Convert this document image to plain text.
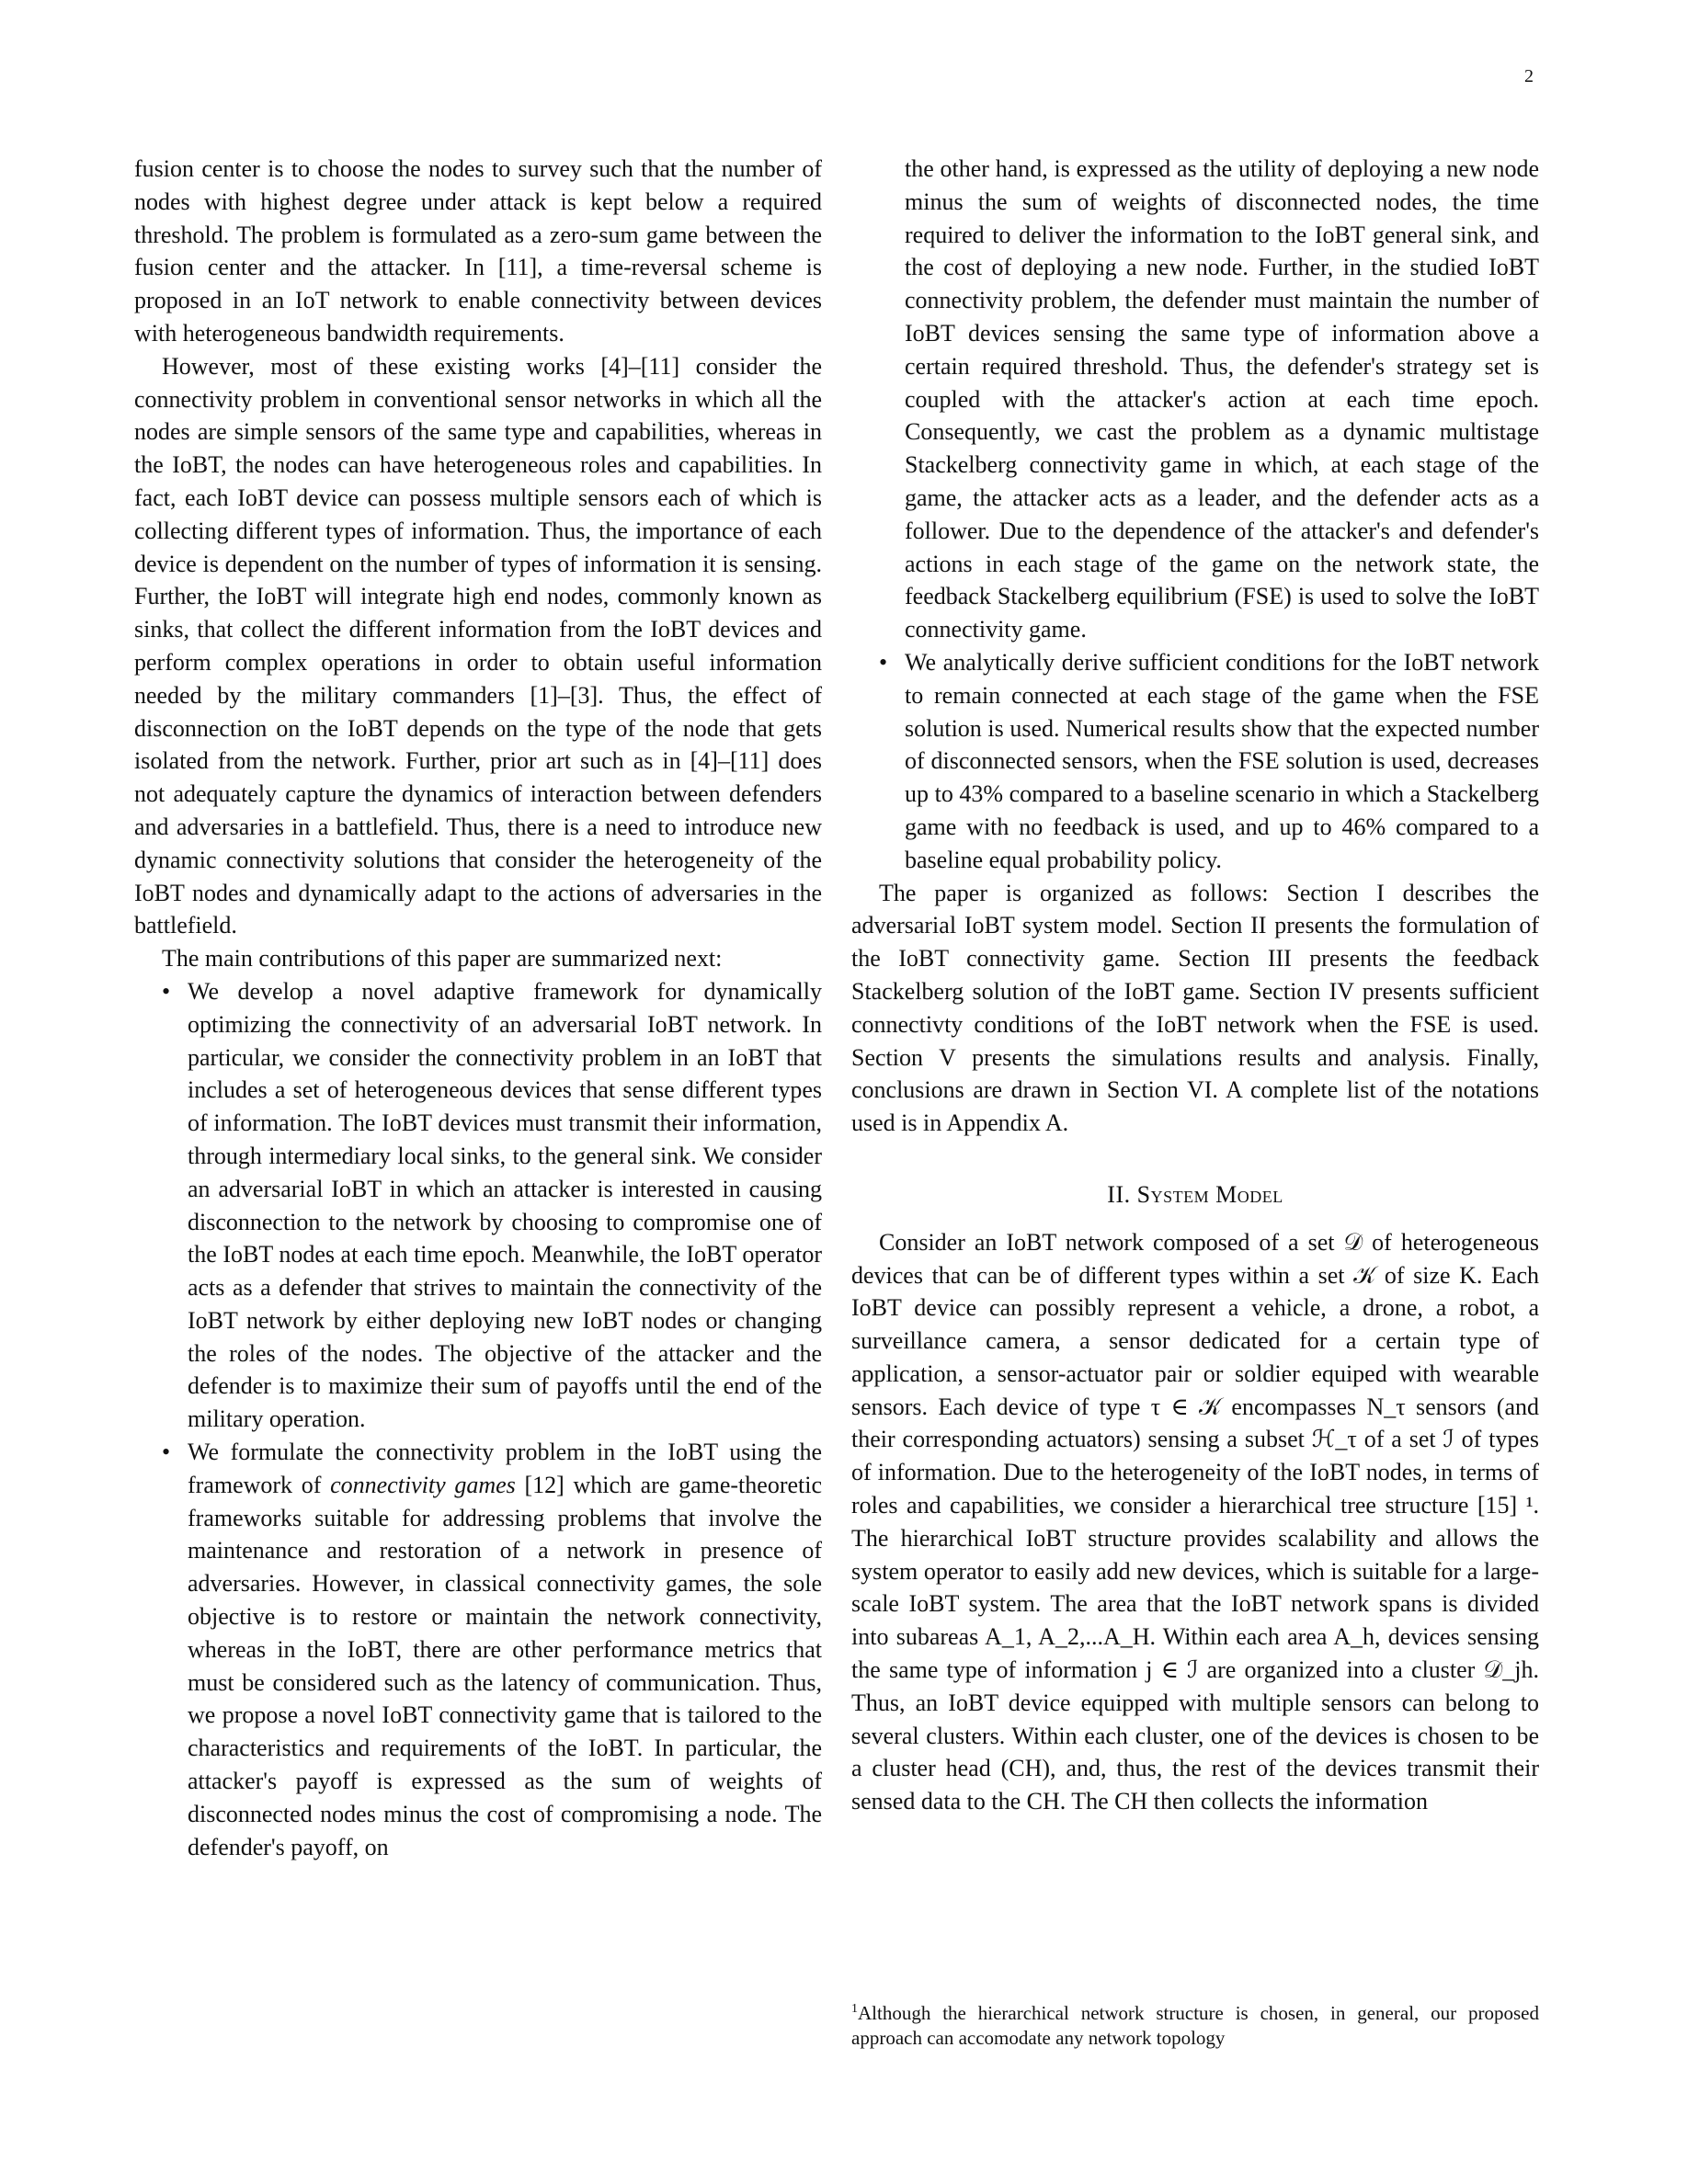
2

fusion center is to choose the nodes to survey such that the number of nodes with highest degree under attack is kept below a required threshold. The problem is formulated as a zero-sum game between the fusion center and the attacker. In [11], a time-reversal scheme is proposed in an IoT network to enable connectivity between devices with heterogeneous bandwidth requirements.

However, most of these existing works [4]–[11] consider the connectivity problem in conventional sensor networks in which all the nodes are simple sensors of the same type and capabilities, whereas in the IoBT, the nodes can have heterogeneous roles and capabilities. In fact, each IoBT device can possess multiple sensors each of which is collecting different types of information. Thus, the importance of each device is dependent on the number of types of information it is sensing. Further, the IoBT will integrate high end nodes, commonly known as sinks, that collect the different information from the IoBT devices and perform complex operations in order to obtain useful information needed by the military commanders [1]–[3]. Thus, the effect of disconnection on the IoBT depends on the type of the node that gets isolated from the network. Further, prior art such as in [4]–[11] does not adequately capture the dynamics of interaction between defenders and adversaries in a battlefield. Thus, there is a need to introduce new dynamic connectivity solutions that consider the heterogeneity of the IoBT nodes and dynamically adapt to the actions of adversaries in the battlefield.

The main contributions of this paper are summarized next:

• We develop a novel adaptive framework for dynamically optimizing the connectivity of an adversarial IoBT network. In particular, we consider the connectivity problem in an IoBT that includes a set of heterogeneous devices that sense different types of information. The IoBT devices must transmit their information, through intermediary local sinks, to the general sink. We consider an adversarial IoBT in which an attacker is interested in causing disconnection to the network by choosing to compromise one of the IoBT nodes at each time epoch. Meanwhile, the IoBT operator acts as a defender that strives to maintain the connectivity of the IoBT network by either deploying new IoBT nodes or changing the roles of the nodes. The objective of the attacker and the defender is to maximize their sum of payoffs until the end of the military operation.
• We formulate the connectivity problem in the IoBT using the framework of connectivity games [12] which are game-theoretic frameworks suitable for addressing problems that involve the maintenance and restoration of a network in presence of adversaries. However, in classical connectivity games, the sole objective is to restore or maintain the network connectivity, whereas in the IoBT, there are other performance metrics that must be considered such as the latency of communication. Thus, we propose a novel IoBT connectivity game that is tailored to the characteristics and requirements of the IoBT. In particular, the attacker's payoff is expressed as the sum of weights of disconnected nodes minus the cost of compromising a node. The defender's payoff, on
the other hand, is expressed as the utility of deploying a new node minus the sum of weights of disconnected nodes, the time required to deliver the information to the IoBT general sink, and the cost of deploying a new node. Further, in the studied IoBT connectivity problem, the defender must maintain the number of IoBT devices sensing the same type of information above a certain required threshold. Thus, the defender's strategy set is coupled with the attacker's action at each time epoch. Consequently, we cast the problem as a dynamic multistage Stackelberg connectivity game in which, at each stage of the game, the attacker acts as a leader, and the defender acts as a follower. Due to the dependence of the attacker's and defender's actions in each stage of the game on the network state, the feedback Stackelberg equilibrium (FSE) is used to solve the IoBT connectivity game.
• We analytically derive sufficient conditions for the IoBT network to remain connected at each stage of the game when the FSE solution is used. Numerical results show that the expected number of disconnected sensors, when the FSE solution is used, decreases up to 43% compared to a baseline scenario in which a Stackelberg game with no feedback is used, and up to 46% compared to a baseline equal probability policy.

The paper is organized as follows: Section I describes the adversarial IoBT system model. Section II presents the formulation of the IoBT connectivity game. Section III presents the feedback Stackelberg solution of the IoBT game. Section IV presents sufficient connectivty conditions of the IoBT network when the FSE is used. Section V presents the simulations results and analysis. Finally, conclusions are drawn in Section VI. A complete list of the notations used is in Appendix A.

II. System Model

Consider an IoBT network composed of a set 𝒟 of heterogeneous devices that can be of different types within a set 𝒦 of size K. Each IoBT device can possibly represent a vehicle, a drone, a robot, a surveillance camera, a sensor dedicated for a certain type of application, a sensor-actuator pair or soldier equiped with wearable sensors. Each device of type τ ∈ 𝒦 encompasses N_τ sensors (and their corresponding actuators) sensing a subset ℋ_τ of a set ℐ of types of information. Due to the heterogeneity of the IoBT nodes, in terms of roles and capabilities, we consider a hierarchical tree structure [15] ¹. The hierarchical IoBT structure provides scalability and allows the system operator to easily add new devices, which is suitable for a large-scale IoBT system. The area that the IoBT network spans is divided into subareas A_1, A_2,...A_H. Within each area A_h, devices sensing the same type of information j ∈ ℐ are organized into a cluster 𝒟_jh. Thus, an IoBT device equipped with multiple sensors can belong to several clusters. Within each cluster, one of the devices is chosen to be a cluster head (CH), and, thus, the rest of the devices transmit their sensed data to the CH. The CH then collects the information

$^1$Although the hierarchical network structure is chosen, in general, our proposed approach can accomodate any network topology
